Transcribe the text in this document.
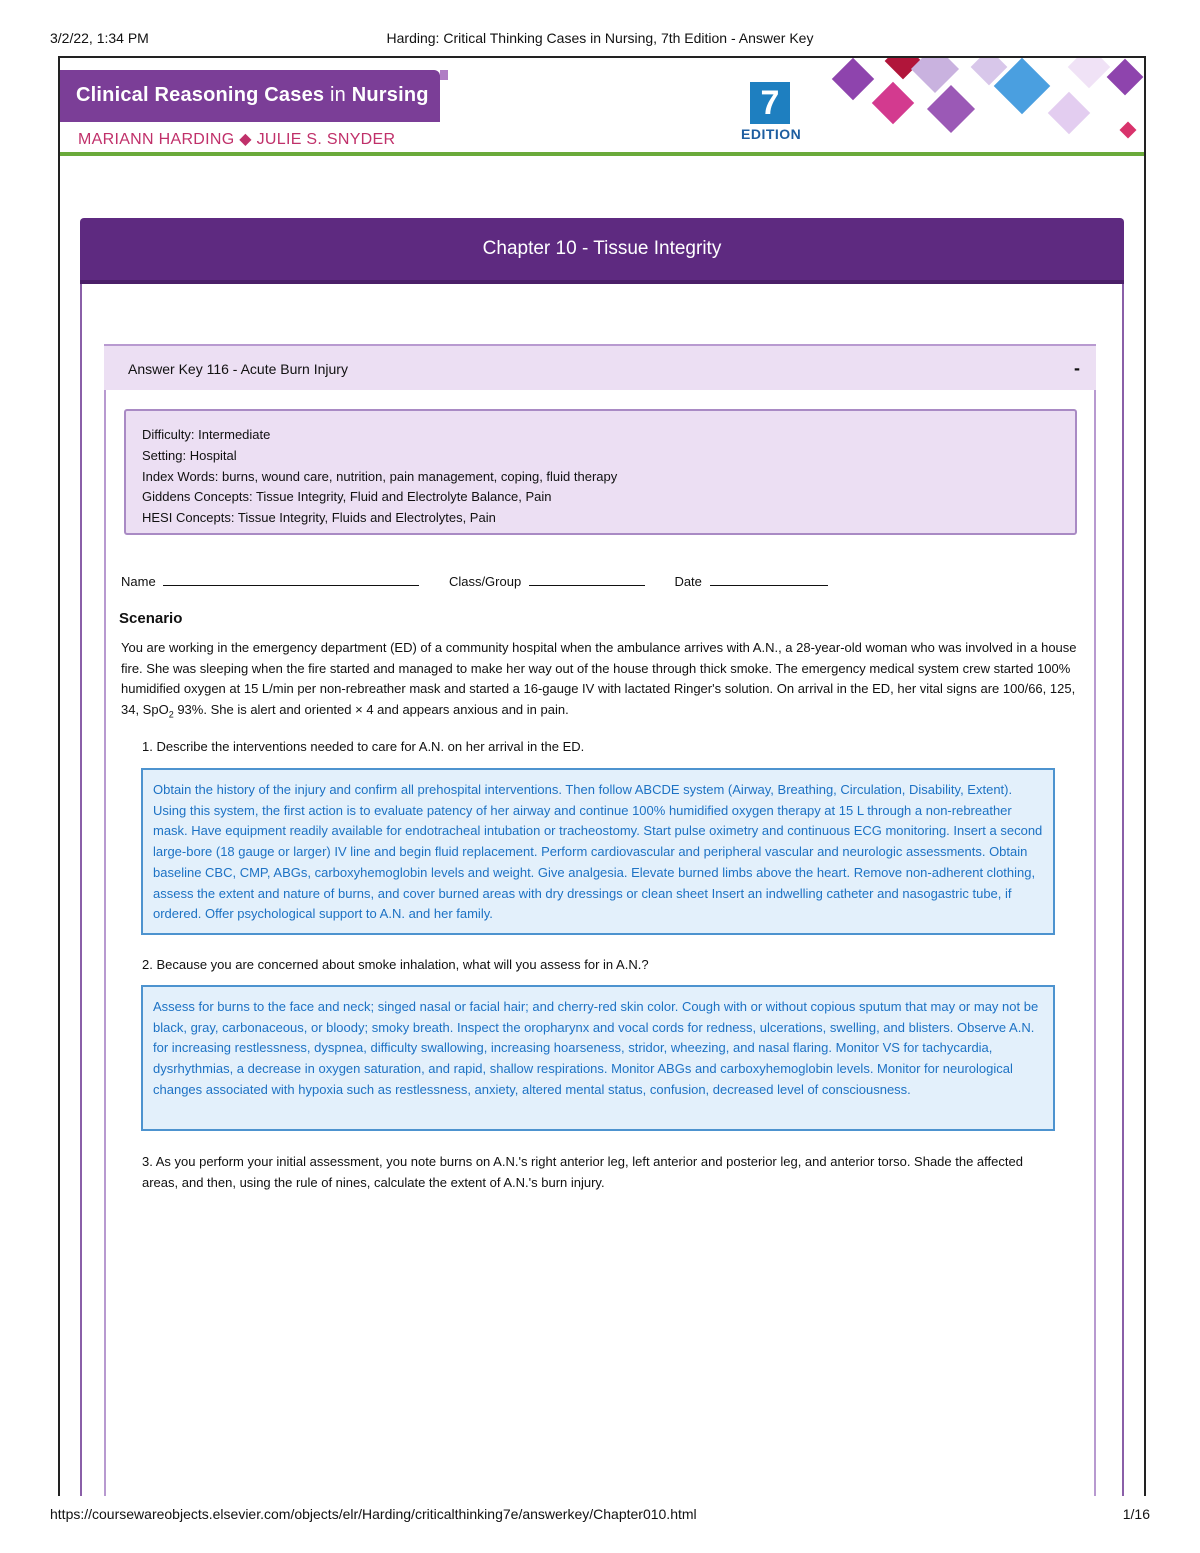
3/2/22, 1:34 PM	Harding: Critical Thinking Cases in Nursing, 7th Edition - Answer Key
Clinical Reasoning Cases in Nursing
MARIANN HARDING ◆ JULIE S. SNYDER
7
EDITION
Chapter 10 - Tissue Integrity
Answer Key 116 - Acute Burn Injury	-
Difficulty: Intermediate
Setting: Hospital
Index Words: burns, wound care, nutrition, pain management, coping, fluid therapy
Giddens Concepts: Tissue Integrity, Fluid and Electrolyte Balance, Pain
HESI Concepts: Tissue Integrity, Fluids and Electrolytes, Pain
Name	Class/Group	Date
Scenario
You are working in the emergency department (ED) of a community hospital when the ambulance arrives with A.N., a 28-year-old woman who was involved in a house fire. She was sleeping when the fire started and managed to make her way out of the house through thick smoke. The emergency medical system crew started 100% humidified oxygen at 15 L/min per non-rebreather mask and started a 16-gauge IV with lactated Ringer's solution. On arrival in the ED, her vital signs are 100/66, 125, 34, SpO$_2$ 93%. She is alert and oriented × 4 and appears anxious and in pain.
1. Describe the interventions needed to care for A.N. on her arrival in the ED.
Obtain the history of the injury and confirm all prehospital interventions. Then follow ABCDE system (Airway, Breathing, Circulation, Disability, Extent). Using this system, the first action is to evaluate patency of her airway and continue 100% humidified oxygen therapy at 15 L through a non-rebreather mask. Have equipment readily available for endotracheal intubation or tracheostomy. Start pulse oximetry and continuous ECG monitoring. Insert a second large-bore (18 gauge or larger) IV line and begin fluid replacement. Perform cardiovascular and peripheral vascular and neurologic assessments. Obtain baseline CBC, CMP, ABGs, carboxyhemoglobin levels and weight. Give analgesia. Elevate burned limbs above the heart. Remove non-adherent clothing, assess the extent and nature of burns, and cover burned areas with dry dressings or clean sheet Insert an indwelling catheter and nasogastric tube, if ordered. Offer psychological support to A.N. and her family.
2. Because you are concerned about smoke inhalation, what will you assess for in A.N.?
Assess for burns to the face and neck; singed nasal or facial hair; and cherry-red skin color. Cough with or without copious sputum that may or may not be black, gray, carbonaceous, or bloody; smoky breath. Inspect the oropharynx and vocal cords for redness, ulcerations, swelling, and blisters. Observe A.N. for increasing restlessness, dyspnea, difficulty swallowing, increasing hoarseness, stridor, wheezing, and nasal flaring. Monitor VS for tachycardia, dysrhythmias, a decrease in oxygen saturation, and rapid, shallow respirations. Monitor ABGs and carboxyhemoglobin levels. Monitor for neurological changes associated with hypoxia such as restlessness, anxiety, altered mental status, confusion, decreased level of consciousness.
3. As you perform your initial assessment, you note burns on A.N.'s right anterior leg, left anterior and posterior leg, and anterior torso. Shade the affected areas, and then, using the rule of nines, calculate the extent of A.N.'s burn injury.
https://coursewareobjects.elsevier.com/objects/elr/Harding/criticalthinking7e/answerkey/Chapter010.html	1/16
